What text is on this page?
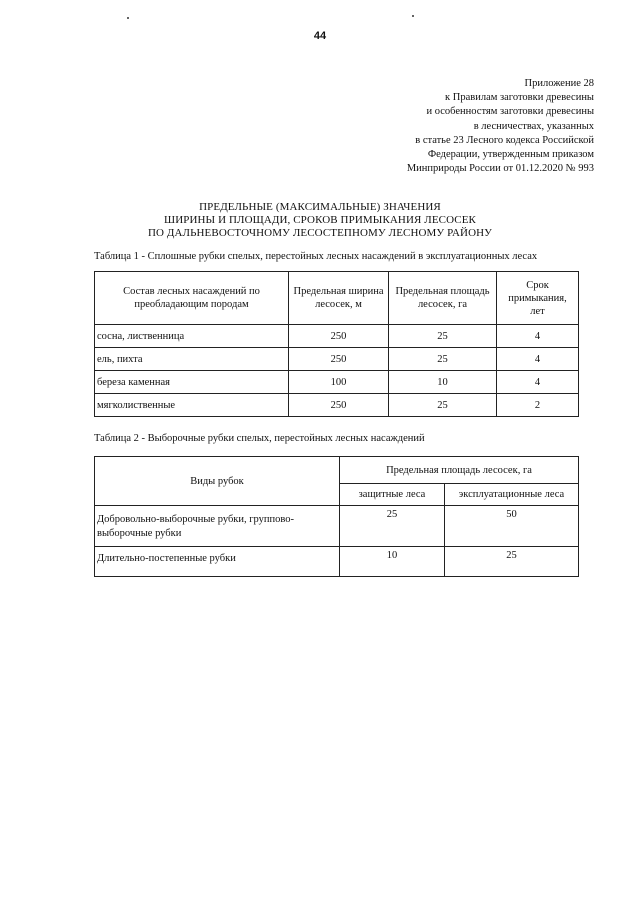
44
Приложение 28
к Правилам заготовки древесины
и особенностям заготовки древесины
в лесничествах, указанных
в статье 23 Лесного кодекса Российской
Федерации, утвержденным приказом
Минприроды России от 01.12.2020 № 993
ПРЕДЕЛЬНЫЕ (МАКСИМАЛЬНЫЕ) ЗНАЧЕНИЯ
ШИРИНЫ И ПЛОЩАДИ, СРОКОВ ПРИМЫКАНИЯ ЛЕСОСЕК
ПО ДАЛЬНЕВОСТОЧНОМУ ЛЕСОСТЕПНОМУ ЛЕСНОМУ РАЙОНУ
Таблица 1 - Сплошные рубки спелых, перестойных лесных насаждений в эксплуатационных лесах
Состав лесных насаждений по преобладающим породам	Предельная ширина лесосек, м	Предельная площадь лесосек, га	Срок примыкания, лет
сосна, лиственница	250	25	4
ель, пихта	250	25	4
береза каменная	100	10	4
мягколиственные	250	25	2
Таблица 2 - Выборочные рубки спелых, перестойных лесных насаждений
Виды рубок	Предельная площадь лесосек, га	
	защитные леса	эксплуатационные леса
Добровольно-выборочные рубки, группово-выборочные рубки	25	50
Длительно-постепенные рубки	10	25
